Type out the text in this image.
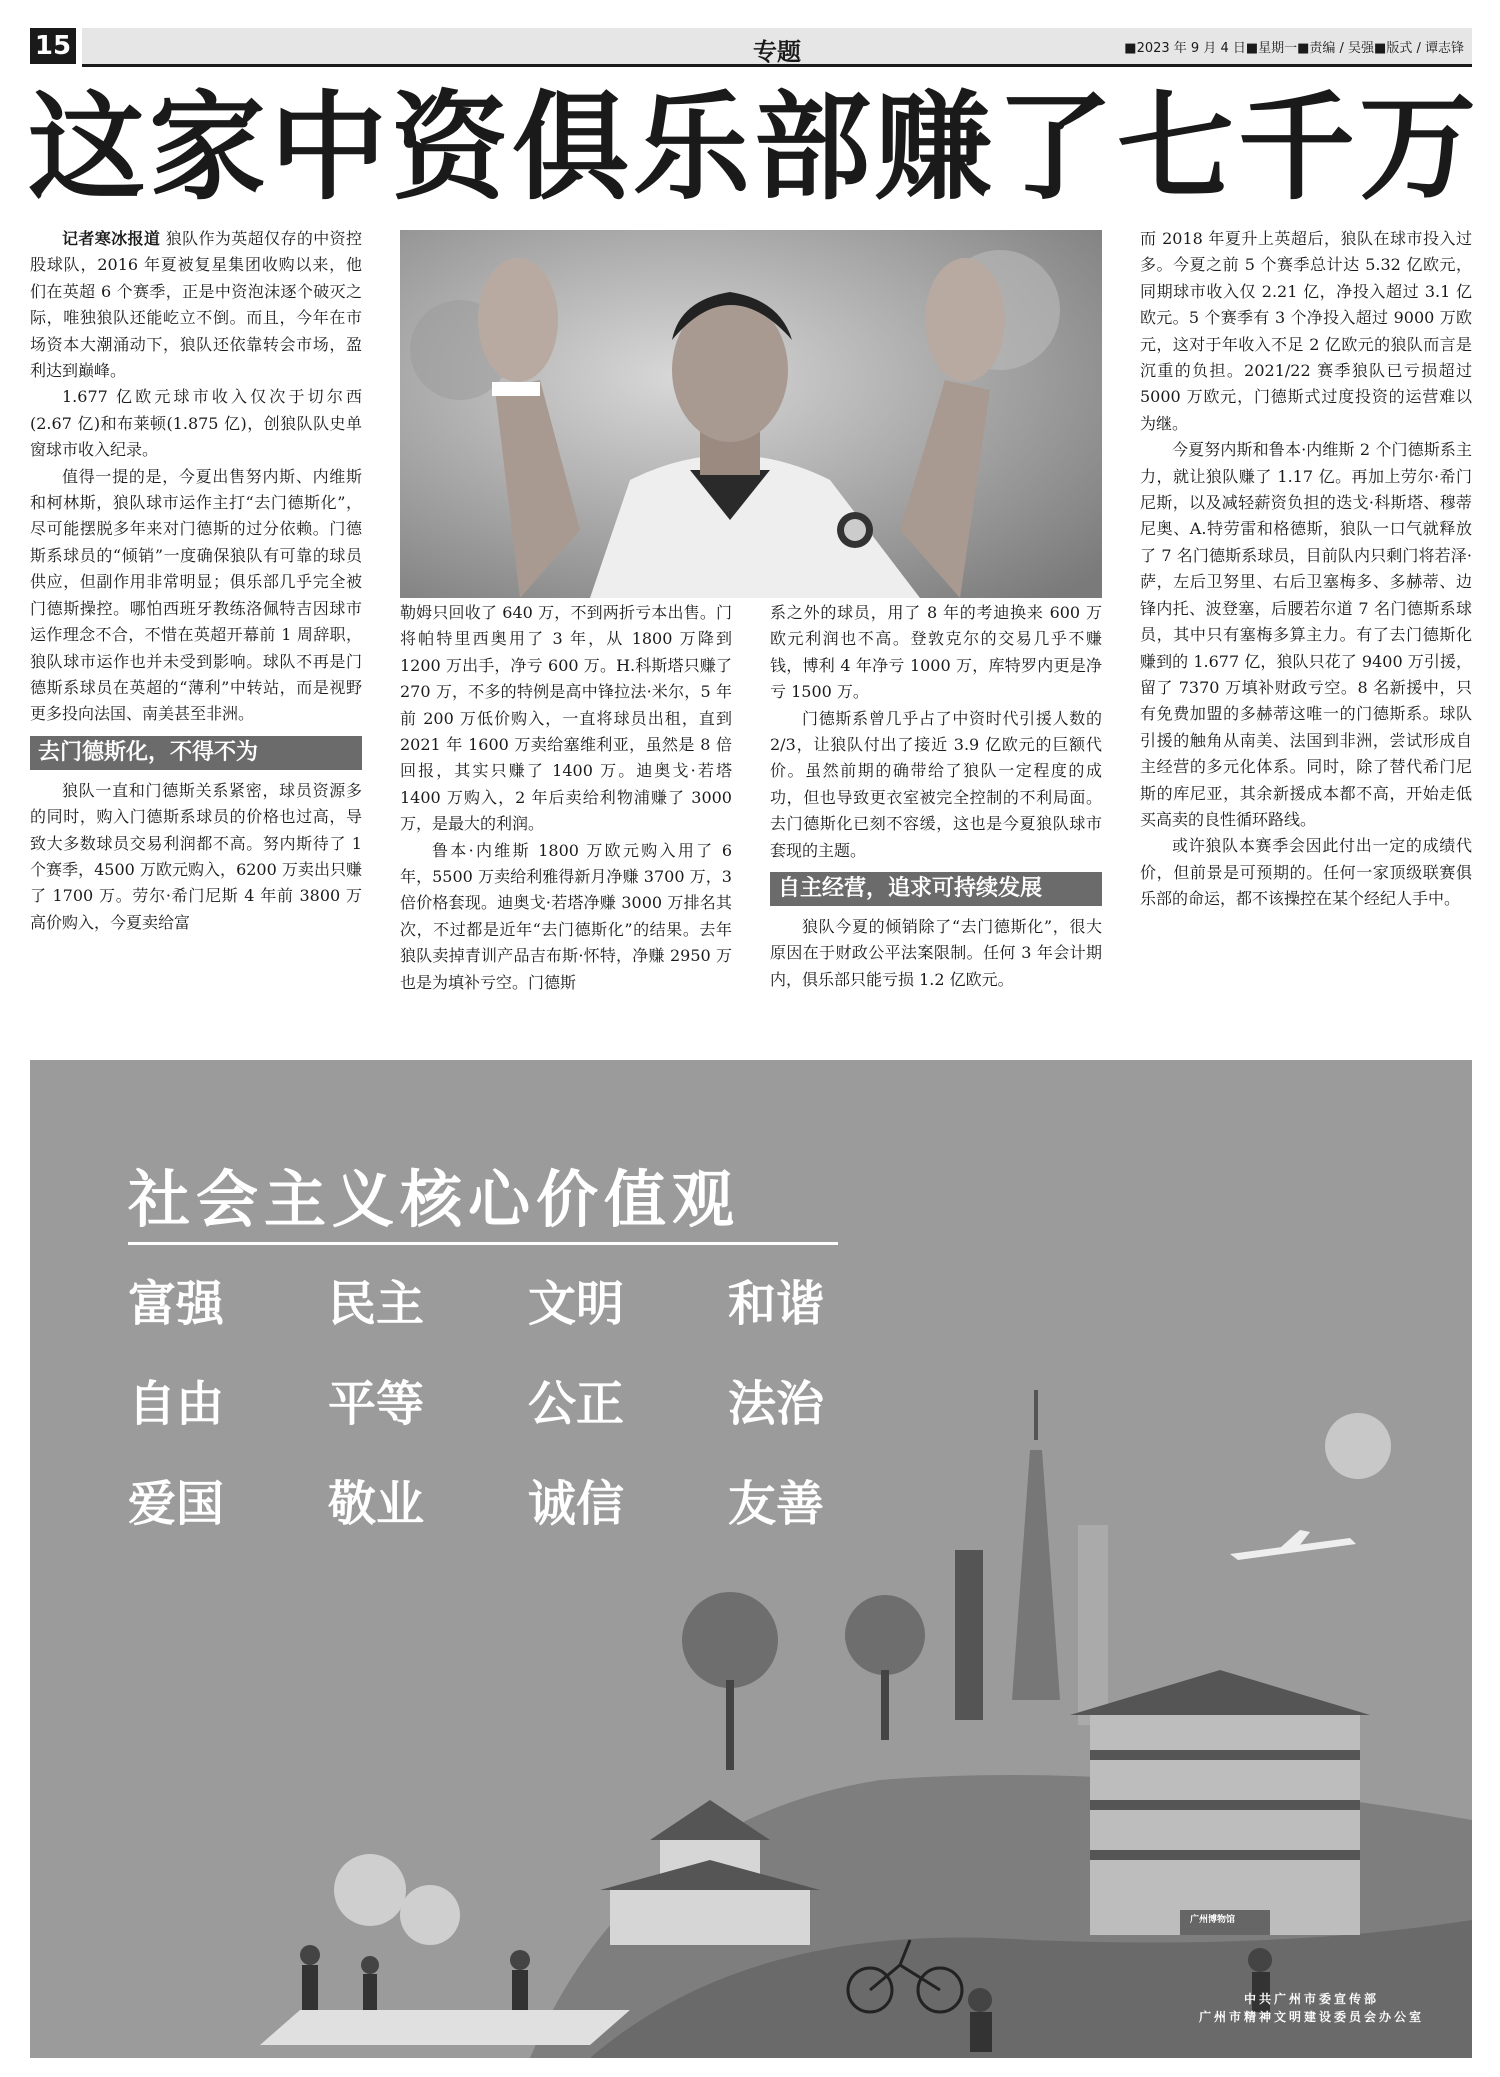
15	专题	■2023 年 9 月 4 日■星期一■责编 / 吴强■版式 / 谭志锋
这家中资俱乐部赚了七千万

记者寒冰报道 狼队作为英超仅存的中资控股球队，2016 年夏被复星集团收购以来，他们在英超 6 个赛季，正是中资泡沫逐个破灭之际，唯独狼队还能屹立不倒。而且，今年在市场资本大潮涌动下，狼队还依靠转会市场，盈利达到巅峰。

1.677 亿欧元球市收入仅次于切尔西(2.67 亿)和布莱顿(1.875 亿)，创狼队队史单窗球市收入纪录。

值得一提的是，今夏出售努内斯、内维斯和柯林斯，狼队球市运作主打“去门德斯化”，尽可能摆脱多年来对门德斯的过分依赖。门德斯系球员的“倾销”一度确保狼队有可靠的球员供应，但副作用非常明显；俱乐部几乎完全被门德斯操控。哪怕西班牙教练洛佩特吉因球市运作理念不合，不惜在英超开幕前 1 周辞职，狼队球市运作也并未受到影响。球队不再是门德斯系球员在英超的“薄利”中转站，而是视野更多投向法国、南美甚至非洲。

去门德斯化，不得不为

狼队一直和门德斯关系紧密，球员资源多的同时，购入门德斯系球员的价格也过高，导致大多数球员交易利润都不高。努内斯待了 1 个赛季，4500 万欧元购入，6200 万卖出只赚了 1700 万。劳尔·希门尼斯 4 年前 3800 万高价购入，今夏卖给富

勒姆只回收了 640 万，不到两折亏本出售。门将帕特里西奥用了 3 年，从 1800 万降到 1200 万出手，净亏 600 万。H.科斯塔只赚了 270 万，不多的特例是高中锋拉法·米尔，5 年前 200 万低价购入，一直将球员出租，直到 2021 年 1600 万卖给塞维利亚，虽然是 8 倍回报，其实只赚了 1400 万。迪奥戈·若塔 1400 万购入，2 年后卖给利物浦赚了 3000 万，是最大的利润。

鲁本·内维斯 1800 万欧元购入用了 6 年，5500 万卖给利雅得新月净赚 3700 万，3 倍价格套现。迪奥戈·若塔净赚 3000 万排名其次，不过都是近年“去门德斯化”的结果。去年狼队卖掉青训产品吉布斯·怀特，净赚 2950 万也是为填补亏空。门德斯

系之外的球员，用了 8 年的考迪换来 600 万欧元利润也不高。登敦克尔的交易几乎不赚钱，博利 4 年净亏 1000 万，库特罗内更是净亏 1500 万。

门德斯系曾几乎占了中资时代引援人数的 2/3，让狼队付出了接近 3.9 亿欧元的巨额代价。虽然前期的确带给了狼队一定程度的成功，但也导致更衣室被完全控制的不利局面。去门德斯化已刻不容缓，这也是今夏狼队球市套现的主题。

自主经营，追求可持续发展

狼队今夏的倾销除了“去门德斯化”，很大原因在于财政公平法案限制。任何 3 年会计期内，俱乐部只能亏损 1.2 亿欧元。

而 2018 年夏升上英超后，狼队在球市投入过多。今夏之前 5 个赛季总计达 5.32 亿欧元，同期球市收入仅 2.21 亿，净投入超过 3.1 亿欧元。5 个赛季有 3 个净投入超过 9000 万欧元，这对于年收入不足 2 亿欧元的狼队而言是沉重的负担。2021/22 赛季狼队已亏损超过 5000 万欧元，门德斯式过度投资的运营难以为继。

今夏努内斯和鲁本·内维斯 2 个门德斯系主力，就让狼队赚了 1.17 亿。再加上劳尔·希门尼斯，以及减轻薪资负担的迭戈·科斯塔、穆蒂尼奥、A.特劳雷和格德斯，狼队一口气就释放了 7 名门德斯系球员，目前队内只剩门将若泽·萨，左后卫努里、右后卫塞梅多、多赫蒂、边锋内托、波登塞，后腰若尔道 7 名门德斯系球员，其中只有塞梅多算主力。有了去门德斯化赚到的 1.677 亿，狼队只花了 9400 万引援，留了 7370 万填补财政亏空。8 名新援中，只有免费加盟的多赫蒂这唯一的门德斯系。球队引援的触角从南美、法国到非洲，尝试形成自主经营的多元化体系。同时，除了替代希门尼斯的库尼亚，其余新援成本都不高，开始走低买高卖的良性循环路线。

或许狼队本赛季会因此付出一定的成绩代价，但前景是可预期的。任何一家顶级联赛俱乐部的命运，都不该操控在某个经纪人手中。

社会主义核心价值观
富强 民主 文明 和谐
自由 平等 公正 法治
爱国 敬业 诚信 友善
广州博物馆
中共广州市委宣传部
广州市精神文明建设委员会办公室
